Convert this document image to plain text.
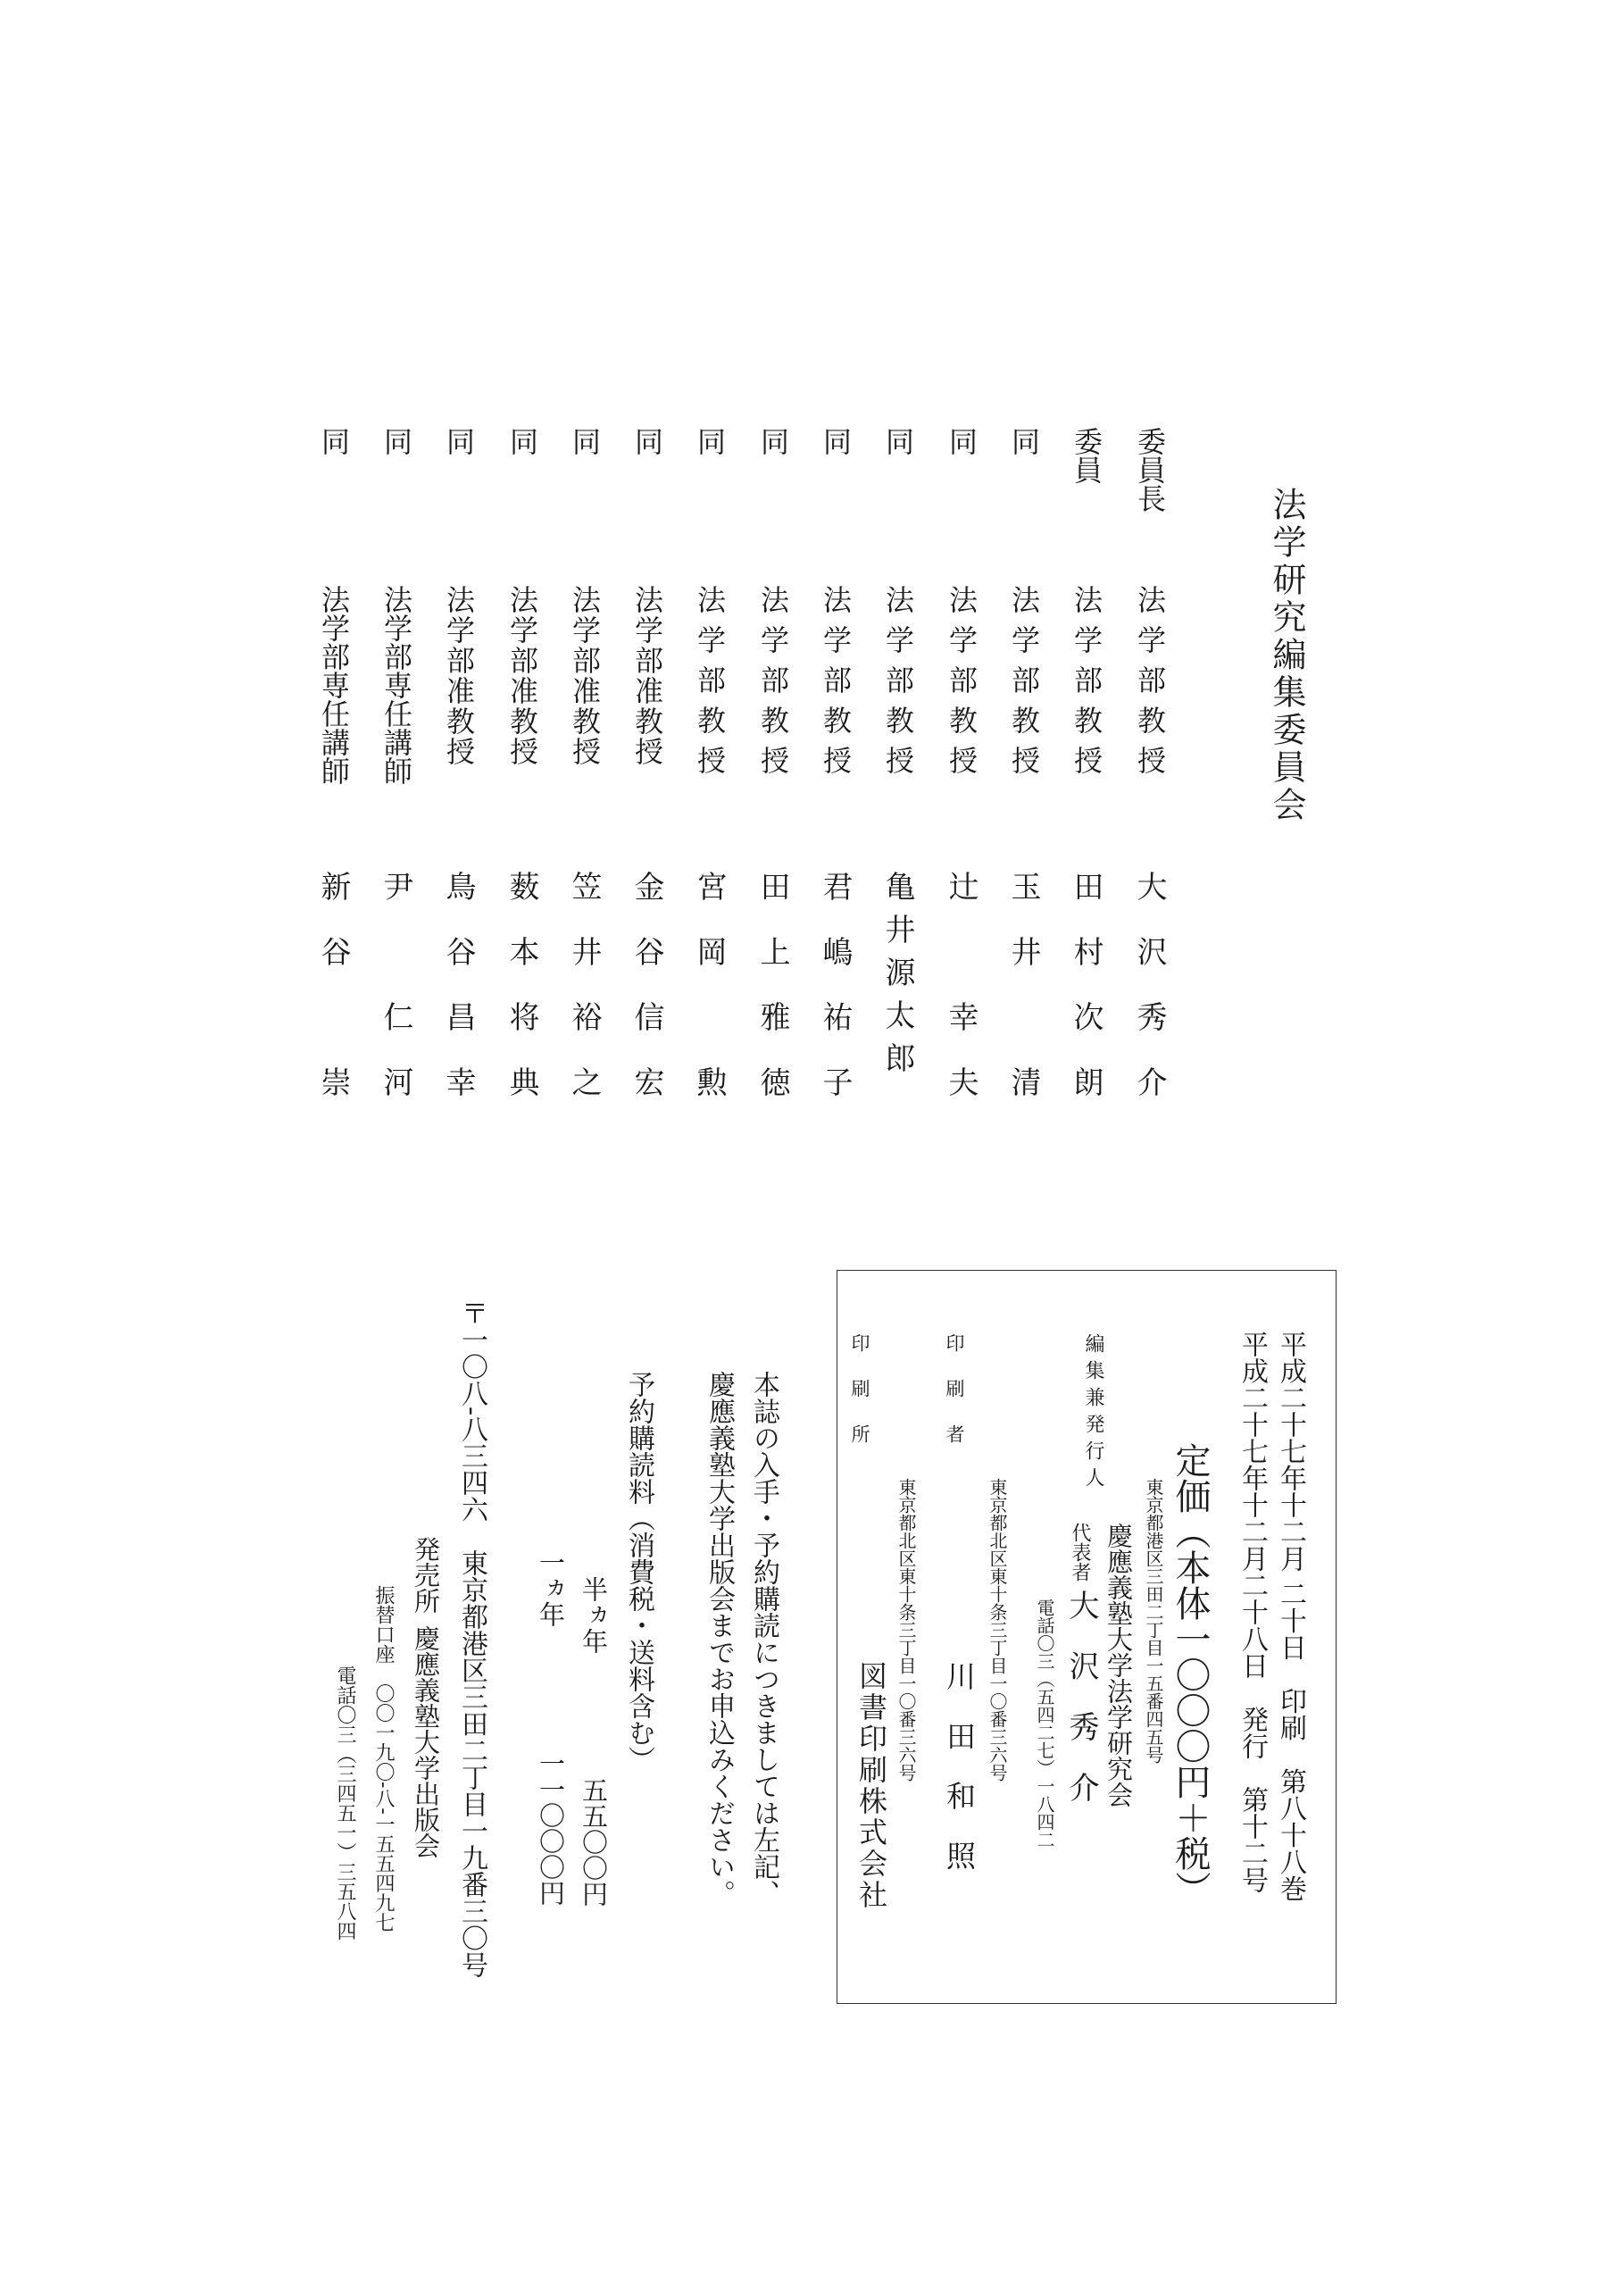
法学研究編集委員会
委員長
委員
同
同
同
同
同
同
同
同
同
同
同
同
法学部教授
法学部教授
法学部教授
法学部教授
法学部教授
法学部教授
法学部教授
法学部教授
法学部准教授
法学部准教授
法学部准教授
法学部准教授
法学部専任講師
法学部専任講師
大沢秀介
田村次朗
玉井　清
辻　幸夫
亀井源太郎
君嶋祐子
田上雅徳
宮岡　勲
金谷信宏
笠井裕之
薮本将典
鳥谷昌幸
尹　仁河
新谷　崇
平成二十七年十二月 二十日　印刷　第八十八巻
平成二十七年十二月二十八日　発行　第十二号
定価（本体一〇〇〇円＋税）
東京都港区三田二丁目一五番四五号
編集兼発行人
慶應義塾大学法学研究会
代表者
大沢秀介
電話〇三（五四二七）一八四二
東京都北区東十条三丁目一〇番三六号
印刷者
川田和照
東京都北区東十条三丁目一〇番三六号
印刷所
図書印刷株式会社
本誌の入手・予約購読につきましては左記、
慶應義塾大学出版会までお申込みください。
予約購読料（消費税・送料含む）
半ヵ年
五五〇〇円
一ヵ年
一一〇〇〇円
〒一〇八‐八三四六　東京都港区三田二丁目一九番三〇号
発売所
慶應義塾大学出版会
振替口座　〇〇一九〇‐八‐一五五四九七
電話〇三（三四五一）三五八四
